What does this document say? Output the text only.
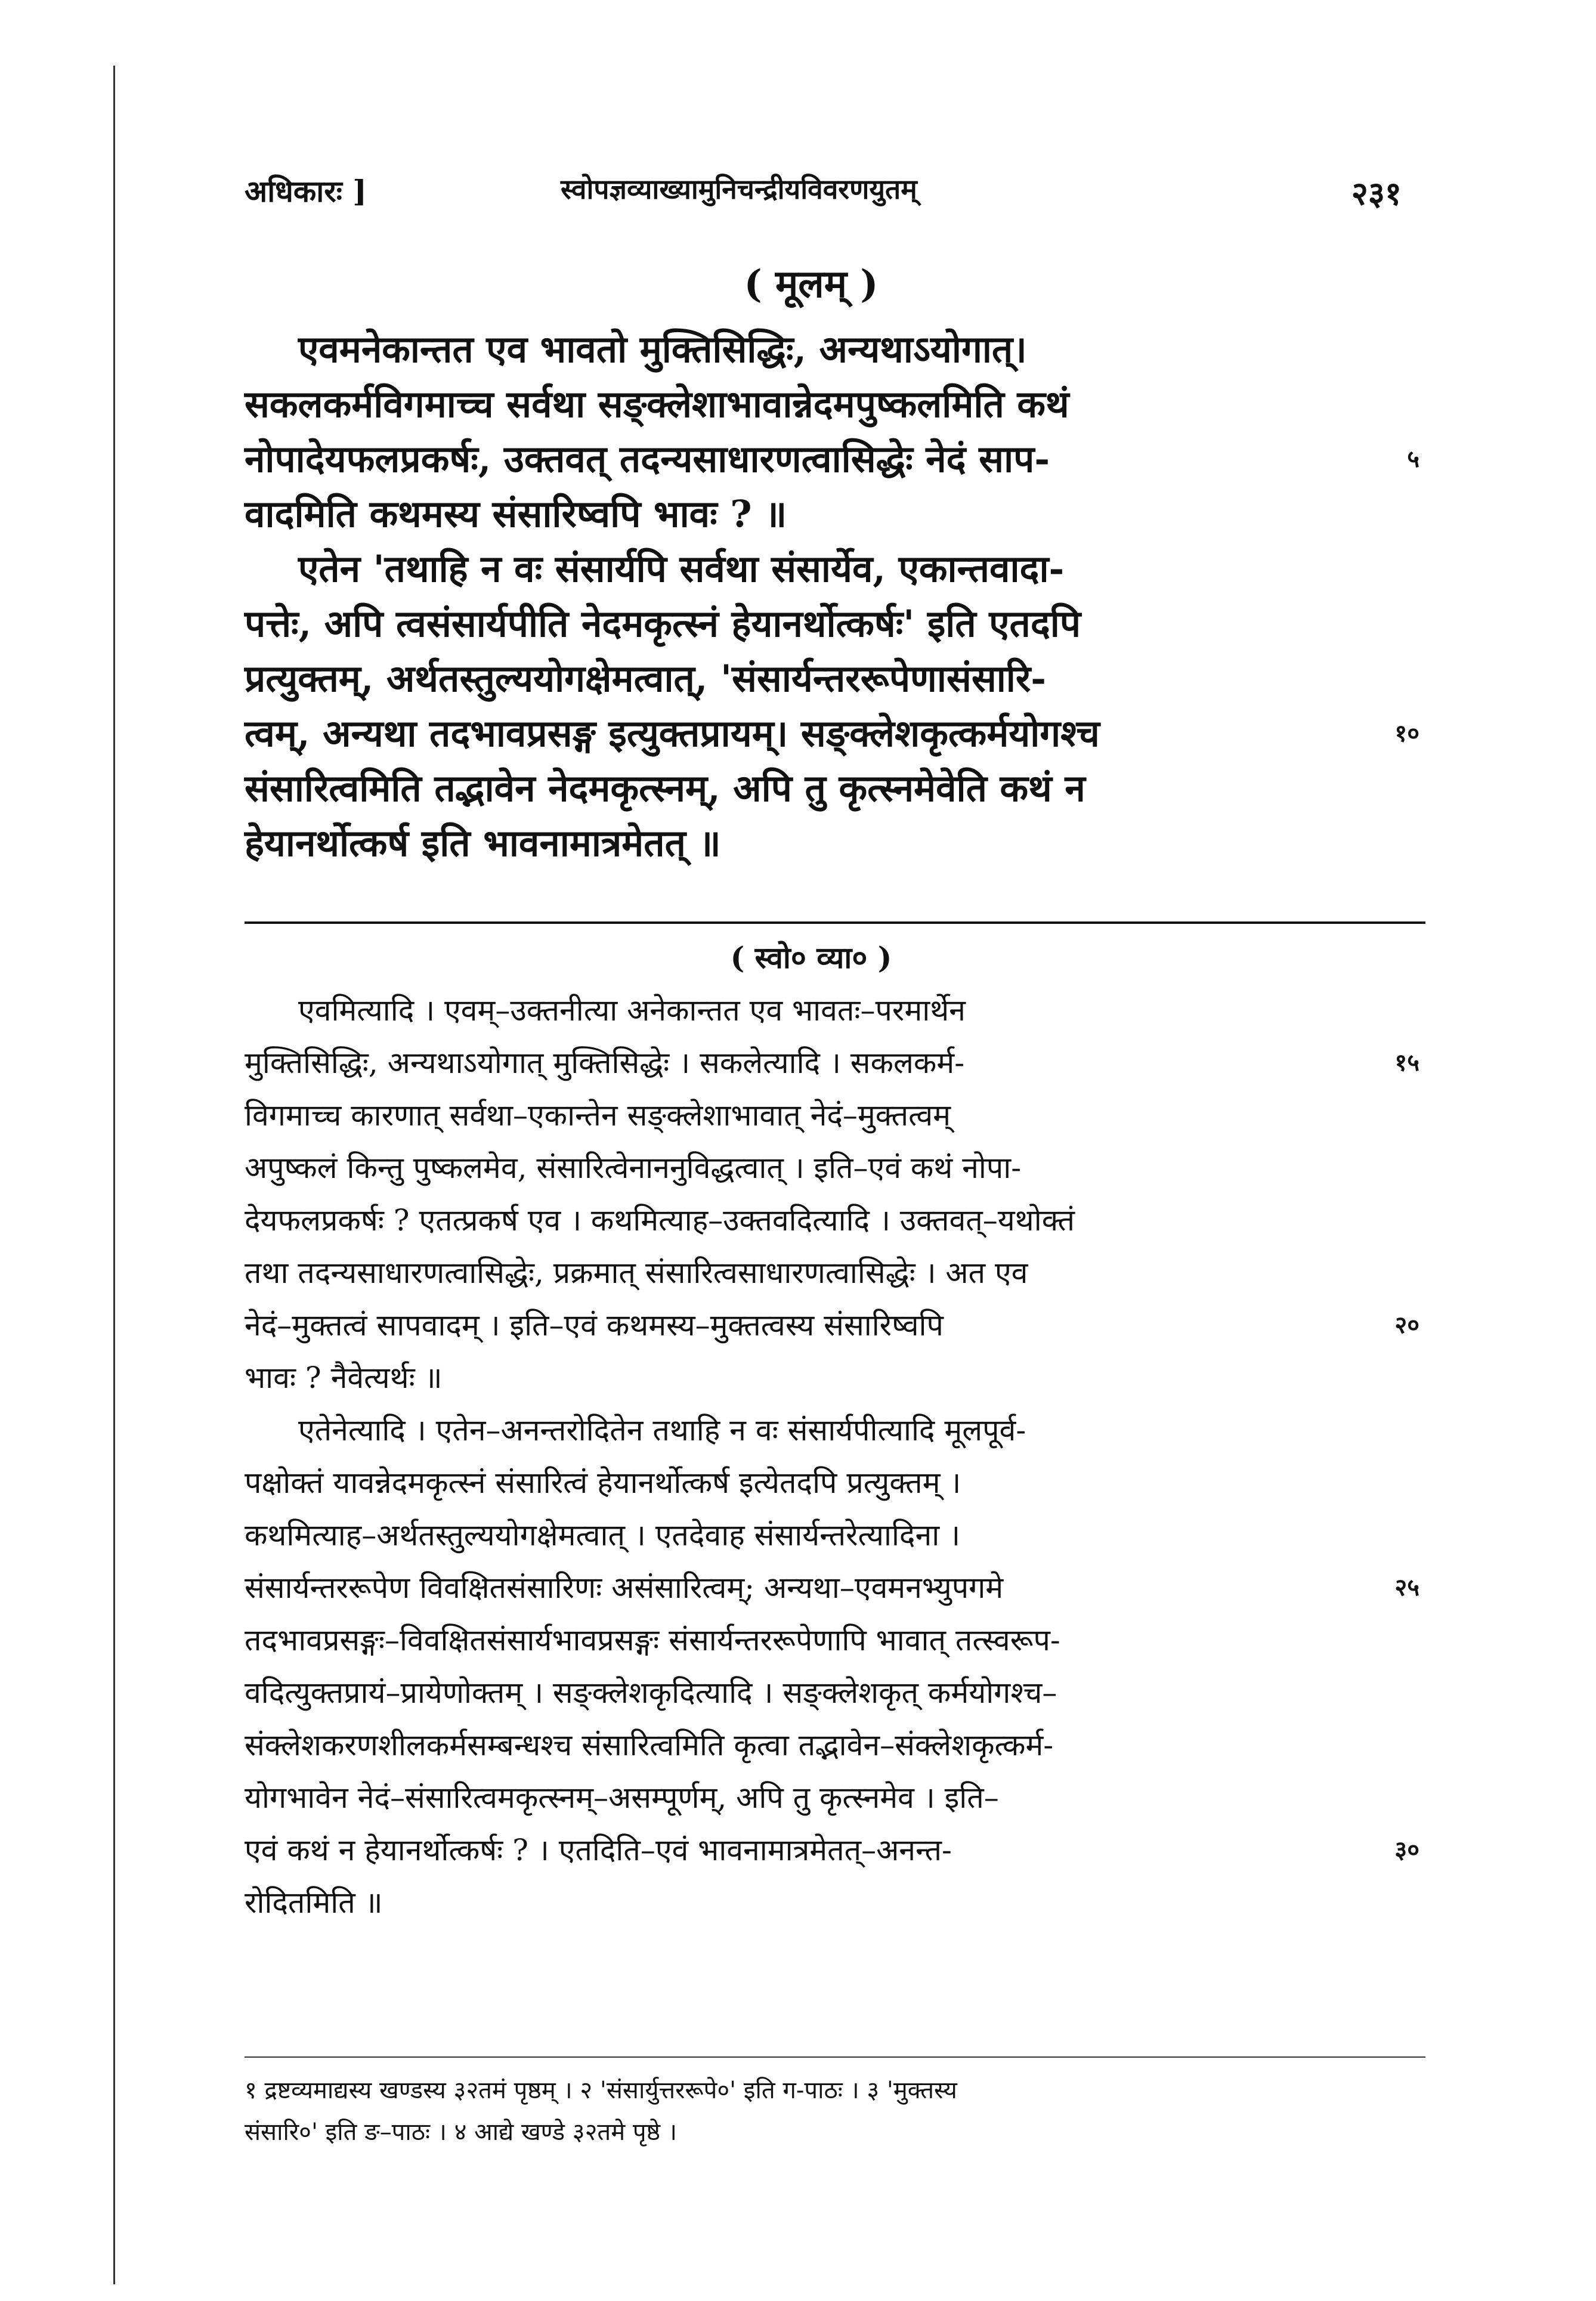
अधिकारः ]	स्वोपज्ञव्याख्यामुनिचन्द्रीयविवरणयुतम्	२३१
( मूलम् )
एवमनेकान्तत एव भावतो मुक्तिसिद्धिः, अन्यथाऽयोगात्।
सकलकर्मविगमाच्च सर्वथा सङ्क्लेशाभावान्नेदमपुष्कलमिति कथं
नोपादेयफलप्रकर्षः, उक्तवत् तदन्यसाधारणत्वासिद्धेः नेदं साप-	५
वादमिति कथमस्य संसारिष्वपि भावः ? ॥
एतेन 'तथाहि न वः संसार्यपि सर्वथा संसार्येव, एकान्तवादा-
पत्तेः, अपि त्वसंसार्यपीति नेदमकृत्स्नं हेयानर्थोत्कर्षः' इति एतदपि
प्रत्युक्तम्, अर्थतस्तुल्ययोगक्षेमत्वात्, 'संसार्यन्तररूपेणासंसारि-
त्वम्, अन्यथा तदभावप्रसङ्ग इत्युक्तप्रायम्। सङ्क्लेशकृत्कर्मयोगश्च	१०
संसारित्वमिति तद्भावेन नेदमकृत्स्नम्, अपि तु कृत्स्नमेवेति कथं न
हेयानर्थोत्कर्ष इति भावनामात्रमेतत् ॥
( स्वो० व्या० )
एवमित्यादि । एवम्–उक्तनीत्या अनेकान्तत एव भावतः–परमार्थेन
मुक्तिसिद्धिः, अन्यथाऽयोगात् मुक्तिसिद्धेः । सकलेत्यादि । सकलकर्म-	१५
विगमाच्च कारणात् सर्वथा–एकान्तेन सङ्क्लेशाभावात् नेदं–मुक्तत्वम्
अपुष्कलं किन्तु पुष्कलमेव, संसारित्वेनाननुविद्धत्वात् । इति–एवं कथं नोपा-
देयफलप्रकर्षः ? एतत्प्रकर्ष एव । कथमित्याह–उक्तवदित्यादि । उक्तवत्–यथोक्तं
तथा तदन्यसाधारणत्वासिद्धेः, प्रक्रमात् संसारित्वसाधारणत्वासिद्धेः । अत एव
नेदं–मुक्तत्वं सापवादम् । इति–एवं कथमस्य–मुक्तत्वस्य संसारिष्वपि	२०
भावः ? नैवेत्यर्थः ॥
एतेनेत्यादि । एतेन–अनन्तरोदितेन तथाहि न वः संसार्यपीत्यादि मूलपूर्व-
पक्षोक्तं यावन्नेदमकृत्स्नं संसारित्वं हेयानर्थोत्कर्ष इत्येतदपि प्रत्युक्तम् ।
कथमित्याह–अर्थतस्तुल्ययोगक्षेमत्वात् । एतदेवाह संसार्यन्तरेत्यादिना ।
संसार्यन्तररूपेण विवक्षितसंसारिणः असंसारित्वम्; अन्यथा–एवमनभ्युपगमे	२५
तदभावप्रसङ्गः–विवक्षितसंसार्यभावप्रसङ्गः संसार्यन्तररूपेणापि भावात् तत्स्वरूप-
वदित्युक्तप्रायं–प्रायेणोक्तम् । सङ्क्लेशकृदित्यादि । सङ्क्लेशकृत् कर्मयोगश्च–
संक्लेशकरणशीलकर्मसम्बन्धश्च संसारित्वमिति कृत्वा तद्भावेन–संक्लेशकृत्कर्म-
योगभावेन नेदं–संसारित्वमकृत्स्नम्–असम्पूर्णम्, अपि तु कृत्स्नमेव । इति–
एवं कथं न हेयानर्थोत्कर्षः ? । एतदिति–एवं भावनामात्रमेतत्–अनन्त-	३०
रोदितमिति ॥
१ द्रष्टव्यमाद्यस्य खण्डस्य ३२तमं पृष्ठम् । २ 'संसार्युत्तररूपे०' इति ग-पाठः । ३ 'मुक्तस्य
संसारि०' इति ङ–पाठः । ४ आद्ये खण्डे ३२तमे पृष्ठे ।
